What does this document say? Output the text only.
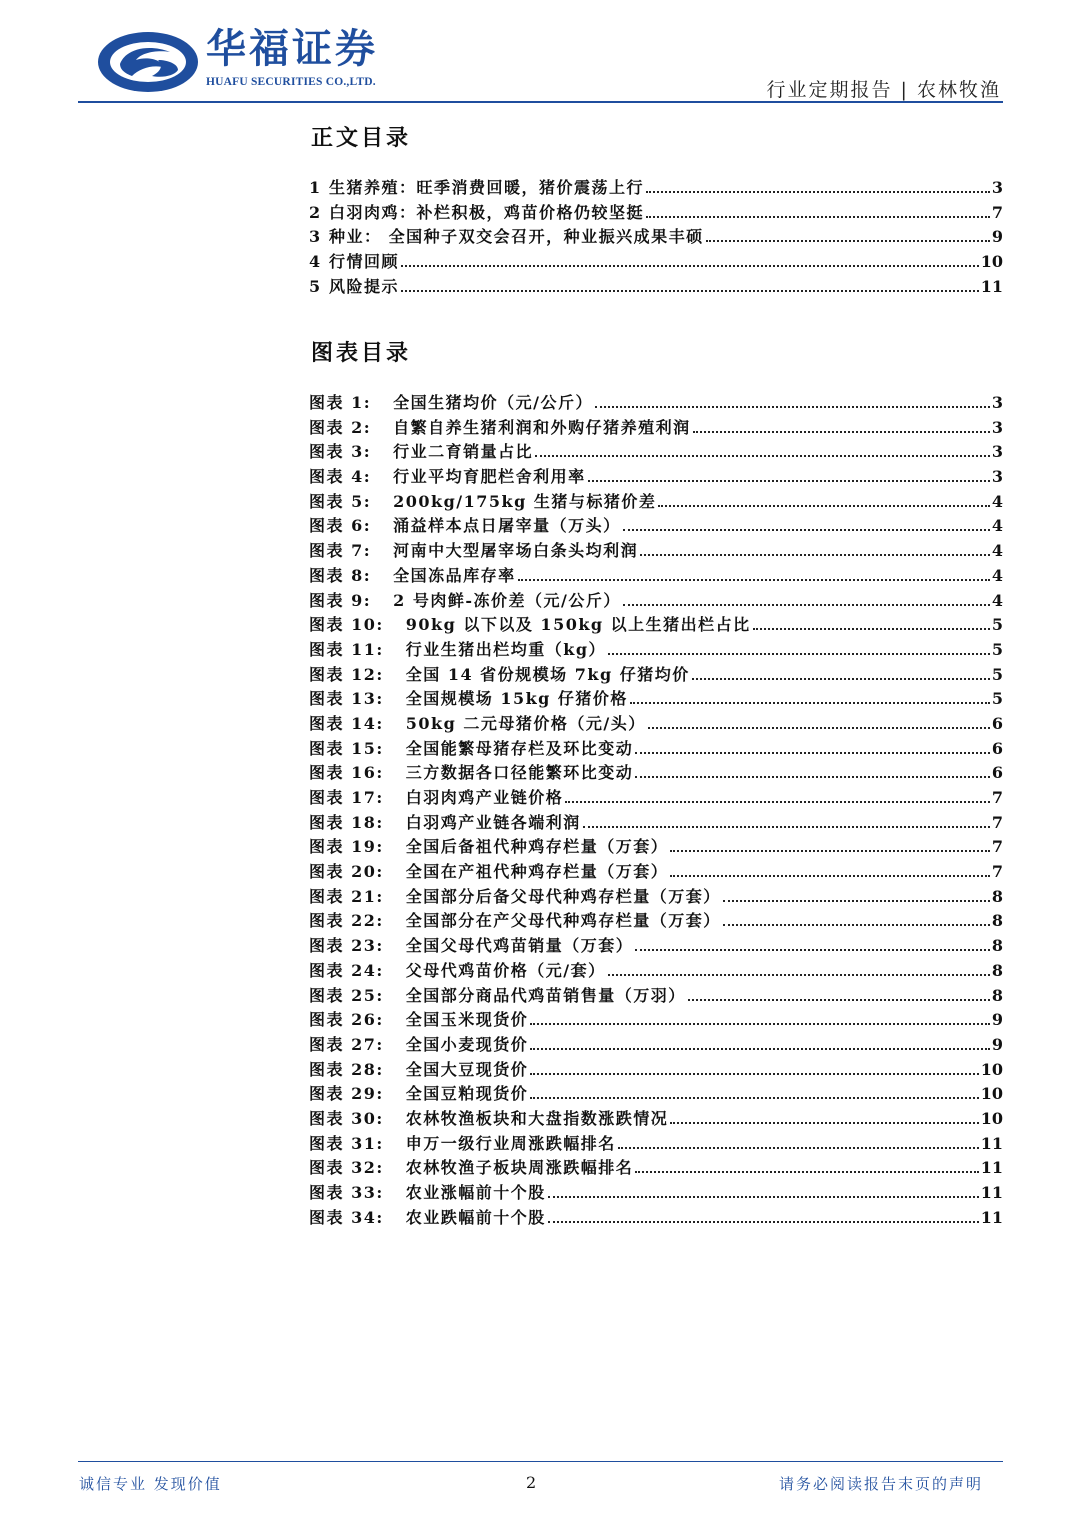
华福证券
HUAFU SECURITIES CO.,LTD.	行业定期报告 | 农林牧渔
正文目录
1 生猪养殖：旺季消费回暖，猪价震荡上行	3
2 白羽肉鸡：补栏积极，鸡苗价格仍较坚挺	7
3 种业： 全国种子双交会召开，种业振兴成果丰硕	9
4 行情回顾	10
5 风险提示	11
图表目录
图表 1: 全国生猪均价（元/公斤）	3
图表 2: 自繁自养生猪利润和外购仔猪养殖利润	3
图表 3: 行业二育销量占比	3
图表 4: 行业平均育肥栏舍利用率	3
图表 5: 200kg/175kg 生猪与标猪价差	4
图表 6: 涌益样本点日屠宰量（万头）	4
图表 7: 河南中大型屠宰场白条头均利润	4
图表 8: 全国冻品库存率	4
图表 9: 2 号肉鲜-冻价差（元/公斤）	4
图表 10: 90kg 以下以及 150kg 以上生猪出栏占比	5
图表 11: 行业生猪出栏均重（kg）	5
图表 12: 全国 14 省份规模场 7kg 仔猪均价	5
图表 13: 全国规模场 15kg 仔猪价格	5
图表 14: 50kg 二元母猪价格（元/头）	6
图表 15: 全国能繁母猪存栏及环比变动	6
图表 16: 三方数据各口径能繁环比变动	6
图表 17: 白羽肉鸡产业链价格	7
图表 18: 白羽鸡产业链各端利润	7
图表 19: 全国后备祖代种鸡存栏量（万套）	7
图表 20: 全国在产祖代种鸡存栏量（万套）	7
图表 21: 全国部分后备父母代种鸡存栏量（万套）	8
图表 22: 全国部分在产父母代种鸡存栏量（万套）	8
图表 23: 全国父母代鸡苗销量（万套）	8
图表 24: 父母代鸡苗价格（元/套）	8
图表 25: 全国部分商品代鸡苗销售量（万羽）	8
图表 26: 全国玉米现货价	9
图表 27: 全国小麦现货价	9
图表 28: 全国大豆现货价	10
图表 29: 全国豆粕现货价	10
图表 30: 农林牧渔板块和大盘指数涨跌情况	10
图表 31: 申万一级行业周涨跌幅排名	11
图表 32: 农林牧渔子板块周涨跌幅排名	11
图表 33: 农业涨幅前十个股	11
图表 34: 农业跌幅前十个股	11
诚信专业 发现价值	2	请务必阅读报告末页的声明
